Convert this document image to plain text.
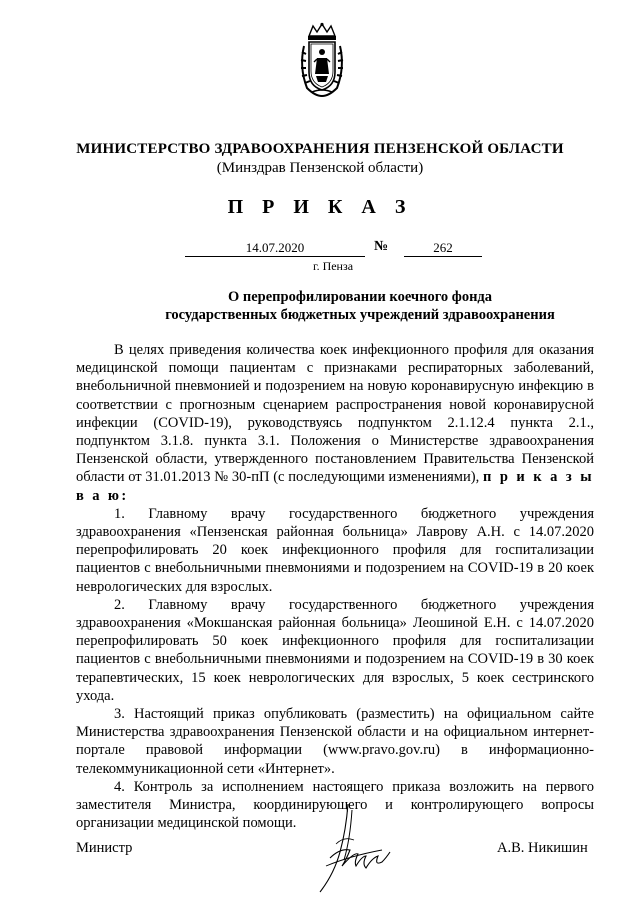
МИНИСТЕРСТВО ЗДРАВООХРАНЕНИЯ ПЕНЗЕНСКОЙ ОБЛАСТИ
(Минздрав Пензенской области)
П Р И К А З
14.07.2020	№	262
г. Пенза
О перепрофилировании коечного фонда
государственных бюджетных учреждений здравоохранения

В целях приведения количества коек инфекционного профиля для оказания медицинской помощи пациентам с признаками респираторных заболеваний, внебольничной пневмонией и подозрением на новую коронавирусную инфекцию в соответствии с прогнозным сценарием распространения новой коронавирусной инфекции (COVID-19), руководствуясь подпунктом 2.1.12.4 пункта 2.1., подпунктом 3.1.8. пункта 3.1. Положения о Министерстве здравоохранения Пензенской области, утвержденного постановлением Правительства Пензенской области от 31.01.2013 № 30-пП (с последующими изменениями), п р и к а з ы в а ю:

1. Главному врачу государственного бюджетного учреждения здравоохранения «Пензенская районная больница» Лаврову А.Н. с 14.07.2020 перепрофилировать 20 коек инфекционного профиля для госпитализации пациентов с внебольничными пневмониями и подозрением на COVID-19 в 20 коек неврологических для взрослых.

2. Главному врачу государственного бюджетного учреждения здравоохранения «Мокшанская районная больница» Леошиной Е.Н. с 14.07.2020 перепрофилировать 50 коек инфекционного профиля для госпитализации пациентов с внебольничными пневмониями и подозрением на COVID-19 в 30 коек терапевтических, 15 коек неврологических для взрослых, 5 коек сестринского ухода.

3. Настоящий приказ опубликовать (разместить) на официальном сайте Министерства здравоохранения Пензенской области и на официальном интернет-портале правовой информации (www.pravo.gov.ru) в информационно-телекоммуникационной сети «Интернет».

4. Контроль за исполнением настоящего приказа возложить на первого заместителя Министра, координирующего и контролирующего вопросы организации медицинской помощи.

Министр	А.В. Никишин
